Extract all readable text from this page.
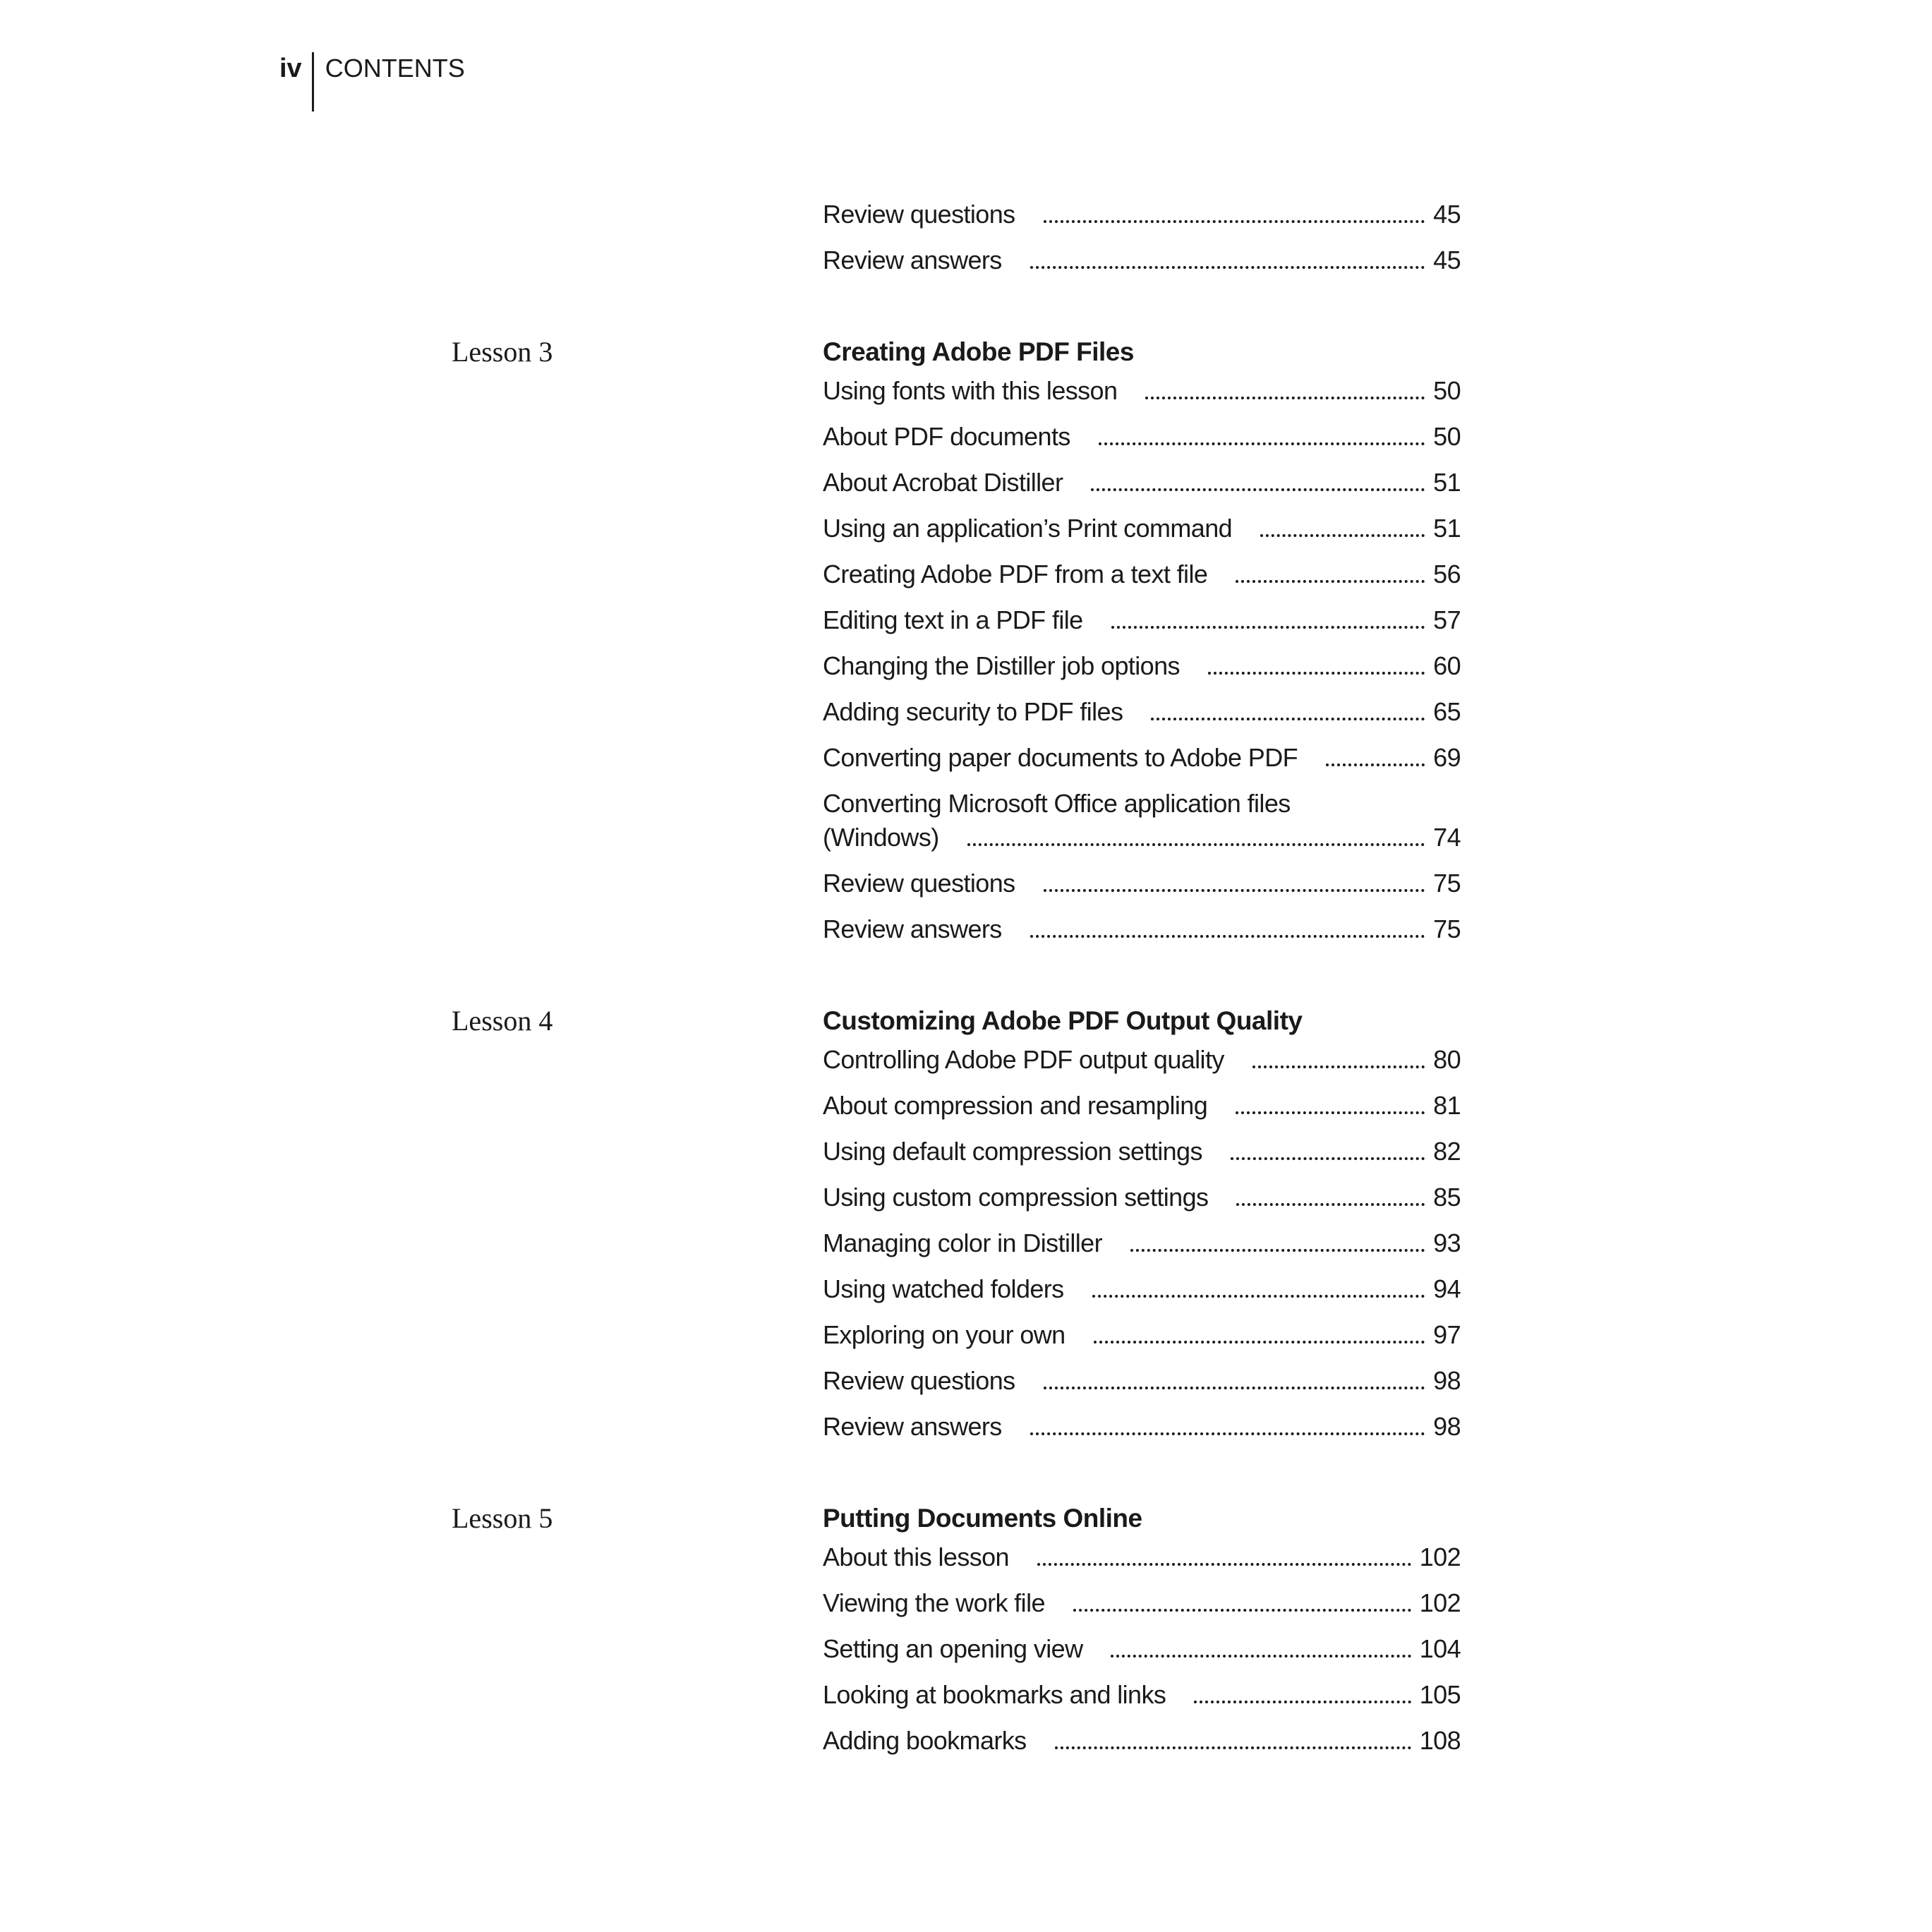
iv CONTENTS
Review questions	45
Review answers	45

Lesson 3	Creating Adobe PDF Files

Using fonts with this lesson	50
About PDF documents	50
About Acrobat Distiller	51
Using an application’s Print command	51
Creating Adobe PDF from a text file	56
Editing text in a PDF file	57
Changing the Distiller job options	60
Adding security to PDF files	65
Converting paper documents to Adobe PDF	69
Converting Microsoft Office application files
(Windows)	74
Review questions	75
Review answers	75

Lesson 4	Customizing Adobe PDF Output Quality

Controlling Adobe PDF output quality	80
About compression and resampling	81
Using default compression settings	82
Using custom compression settings	85
Managing color in Distiller	93
Using watched folders	94
Exploring on your own	97
Review questions	98
Review answers	98

Lesson 5	Putting Documents Online

About this lesson	102
Viewing the work file	102
Setting an opening view	104
Looking at bookmarks and links	105
Adding bookmarks	108
